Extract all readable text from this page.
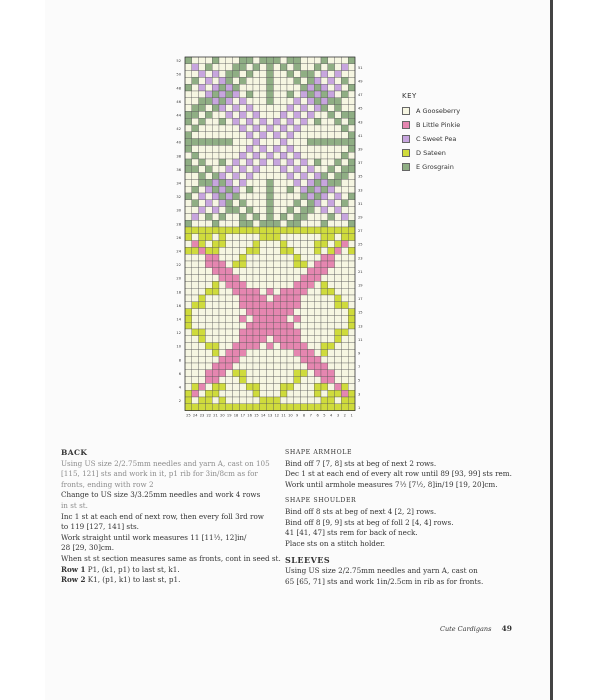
52
50
48
46
44
42
40
38
36
34
32
30
28
26
24
22
20
18
16
14
12
10
8
6
4
2
51
49
47
45
43
41
39
37
35
33
31
29
27
25
23
21
19
17
15
13
11
9
7
5
3
1
25 24 23 22 21 20 19 18 17 16 15 14 13 12 11 10 9 8 7 6 5 4 3 2 1
KEY
A Gooseberry
B Little Pinkie
C Sweet Pea
D Sateen
E Grosgrain
BACK
Using US size 2/2.75mm needles and yarn A, cast on 105
[115, 121] sts and work in it, p1 rib for 3in/8cm as for
fronts, ending with row 2
Change to US size 3/3.25mm needles and work 4 rows
in st st.
Inc 1 st at each end of next row, then every foll 3rd row
to 119 [127, 141] sts.
Work straight until work measures 11 [11½, 12]in/
28 [29, 30]cm.
When st st section measures same as fronts, cont in seed st.
Row 1 P1, (k1, p1) to last st, k1.
Row 2 K1, (p1, k1) to last st, p1.
SHAPE ARMHOLE
Bind off 7 [7, 8] sts at beg of next 2 rows.
Dec 1 st at each end of every alt row until 89 [93, 99] sts rem.
Work until armhole measures 7½ [7½, 8]in/19 [19, 20]cm.
SHAPE SHOULDER
Bind off 8 sts at beg of next 4 [2, 2] rows.
Bind off 8 [9, 9] sts at beg of foll 2 [4, 4] rows.
41 [41, 47] sts rem for back of neck.
Place sts on a stitch holder.
SLEEVES
Using US size 2/2.75mm needles and yarn A, cast on
65 [65, 71] sts and work 1in/2.5cm in rib as for fronts.
Cute Cardigans 49
